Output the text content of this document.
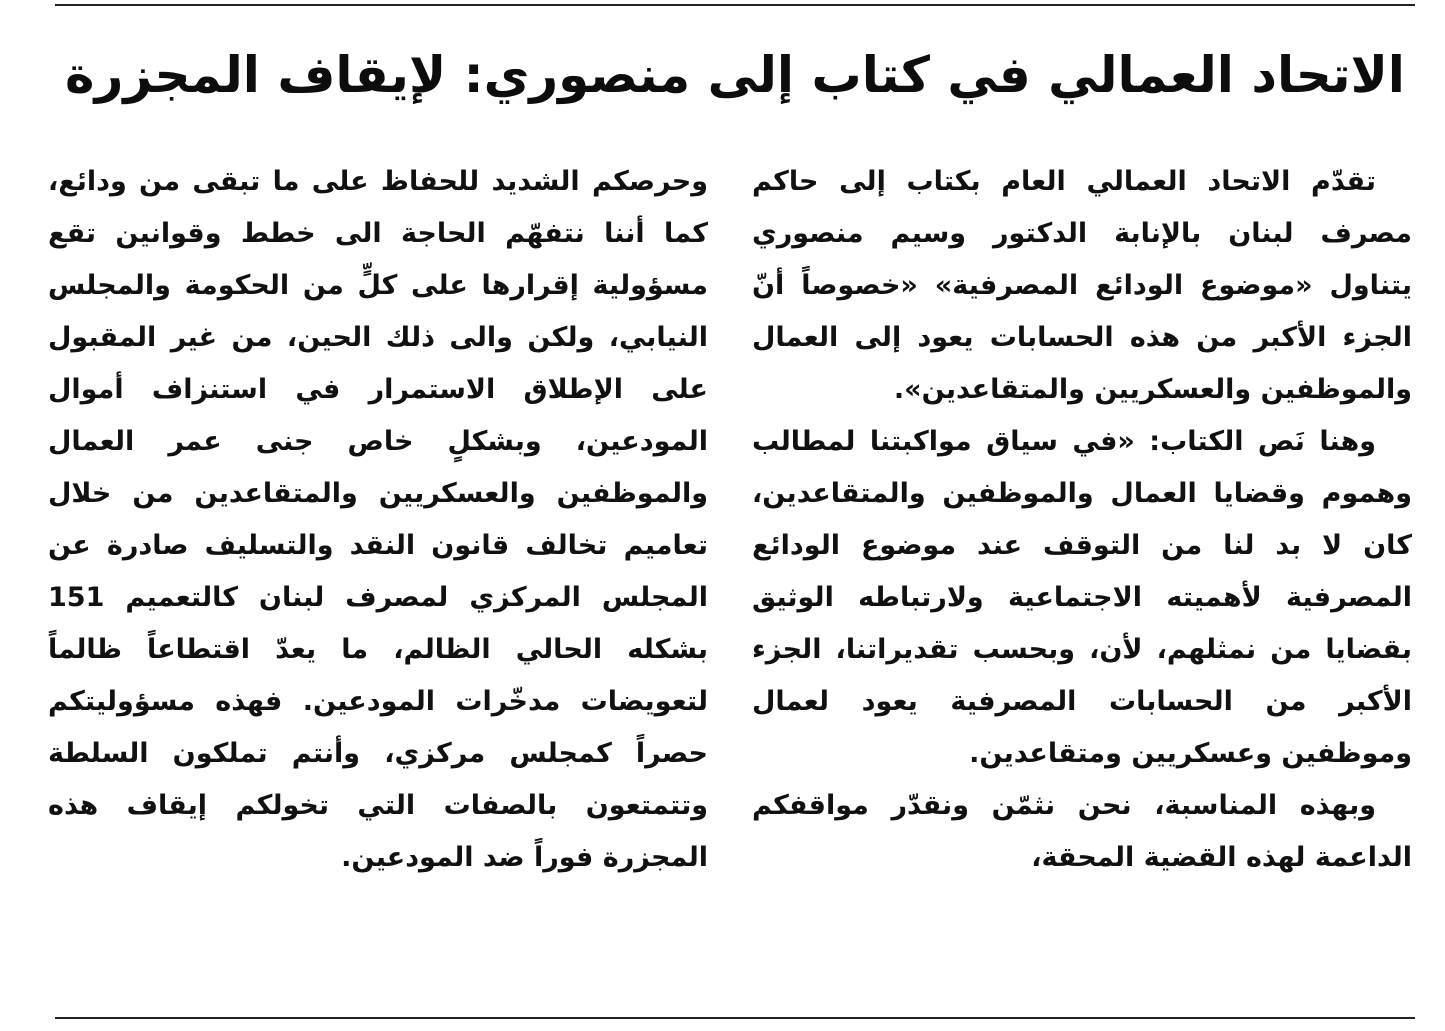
الاتحاد العمالي في كتاب إلى منصوري: لإيقاف المجزرة

تقدّم الاتحاد العمالي العام بكتاب إلى حاكم مصرف لبنان بالإنابة الدكتور وسيم منصوري يتناول «موضوع الودائع المصرفية» «خصوصاً أنّ الجزء الأكبر من هذه الحسابات يعود إلى العمال والموظفين والعسكريين والمتقاعدين».

وهنا نَص الكتاب: «في سياق مواكبتنا لمطالب وهموم وقضايا العمال والموظفين والمتقاعدين، كان لا بد لنا من التوقف عند موضوع الودائع المصرفية لأهميته الاجتماعية ولارتباطه الوثيق بقضايا من نمثلهم، لأن، وبحسب تقديراتنا، الجزء الأكبر من الحسابات المصرفية يعود لعمال وموظفين وعسكريين ومتقاعدين.

وبهذه المناسبة، نحن نثمّن ونقدّر مواقفكم الداعمة لهذه القضية المحقة،

وحرصكم الشديد للحفاظ على ما تبقى من ودائع، كما أننا نتفهّم الحاجة الى خطط وقوانين تقع مسؤولية إقرارها على كلٍّ من الحكومة والمجلس النيابي، ولكن والى ذلك الحين، من غير المقبول على الإطلاق الاستمرار في استنزاف أموال المودعين، وبشكلٍ خاص جنى عمر العمال والموظفين والعسكريين والمتقاعدين من خلال تعاميم تخالف قانون النقد والتسليف صادرة عن المجلس المركزي لمصرف لبنان كالتعميم 151 بشكله الحالي الظالم، ما يعدّ اقتطاعاً ظالماً لتعويضات مدخّرات المودعين. فهذه مسؤوليتكم حصراً كمجلس مركزي، وأنتم تملكون السلطة وتتمتعون بالصفات التي تخولكم إيقاف هذه المجزرة فوراً ضد المودعين.
